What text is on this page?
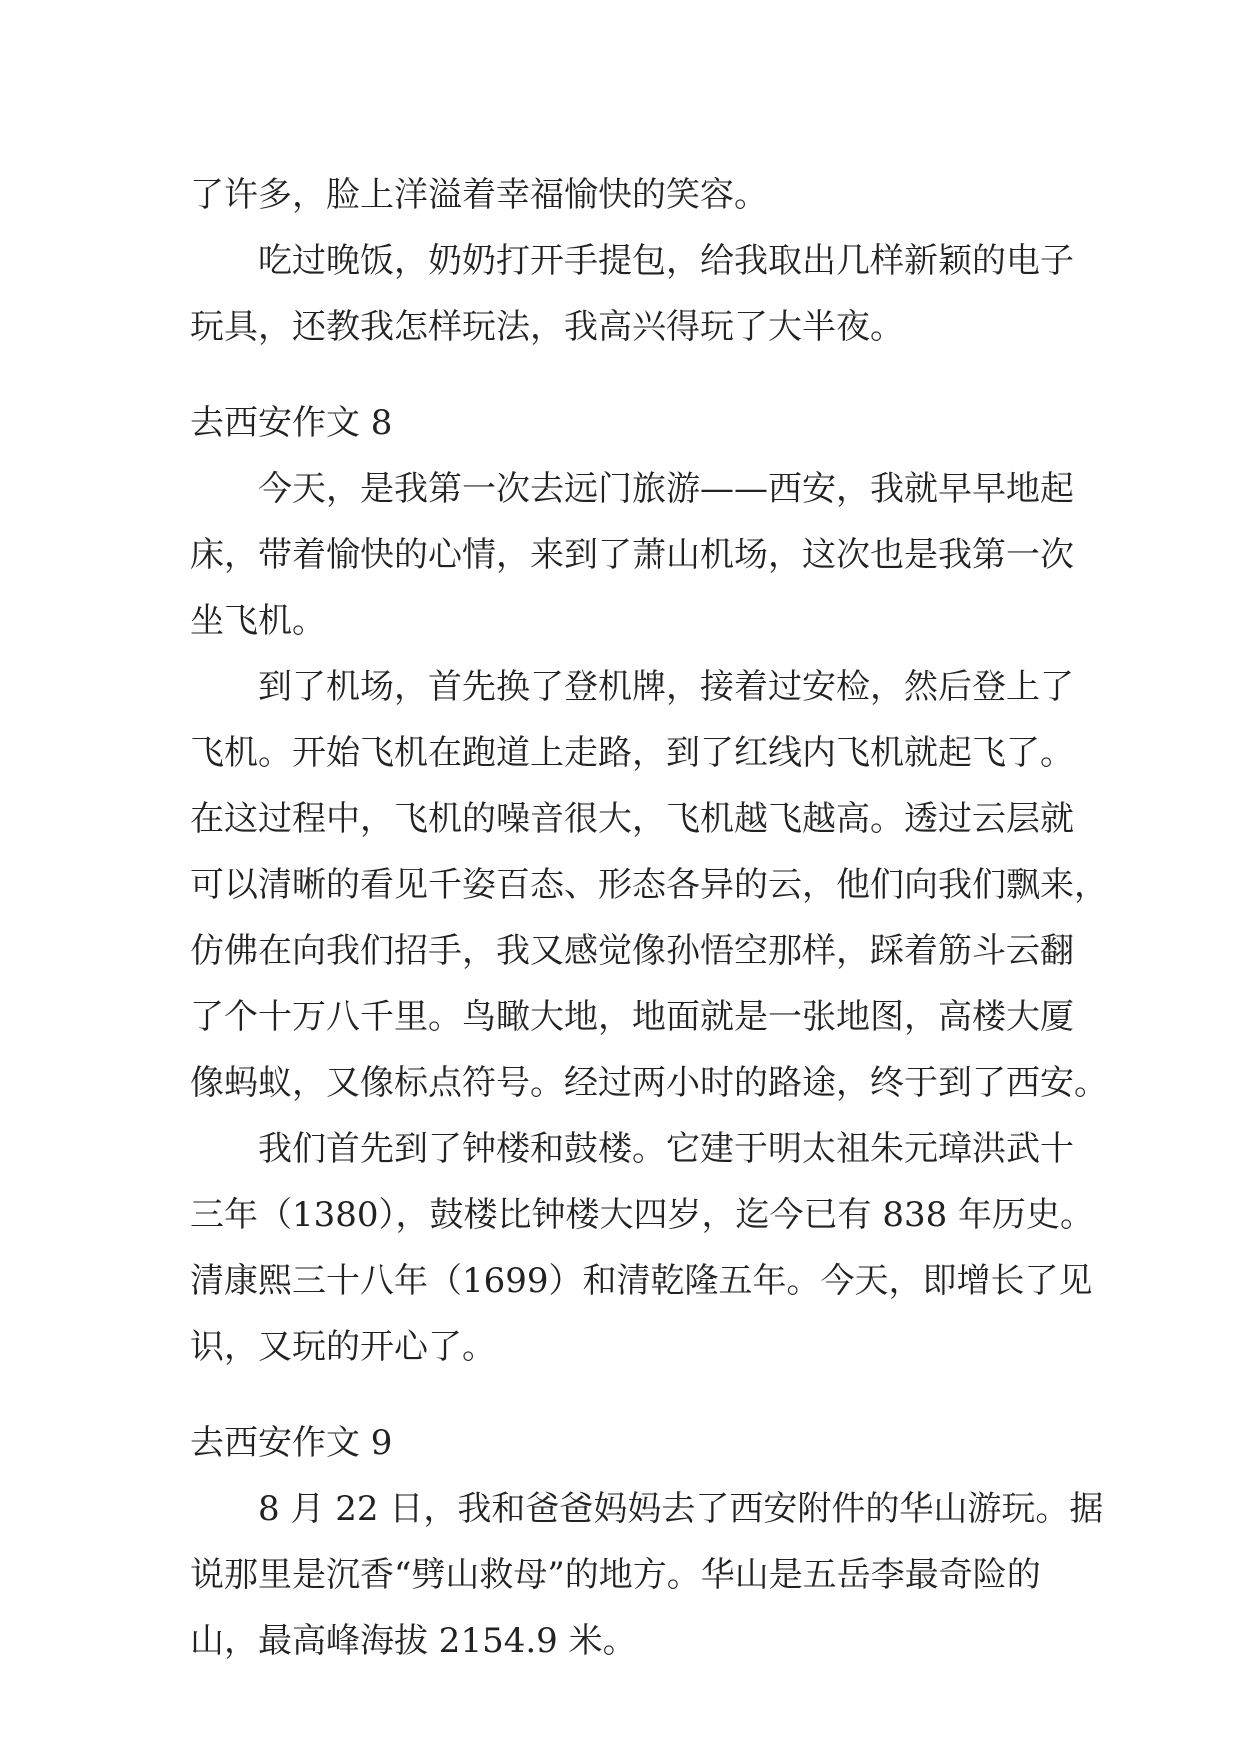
了许多，脸上洋溢着幸福愉快的笑容。
吃过晚饭，奶奶打开手提包，给我取出几样新颖的电子
玩具，还教我怎样玩法，我高兴得玩了大半夜。
去西安作文 8
今天，是我第一次去远门旅游——西安，我就早早地起
床，带着愉快的心情，来到了萧山机场，这次也是我第一次
坐飞机。
到了机场，首先换了登机牌，接着过安检，然后登上了
飞机。开始飞机在跑道上走路，到了红线内飞机就起飞了。
在这过程中，飞机的噪音很大，飞机越飞越高。透过云层就
可以清晰的看见千姿百态、形态各异的云，他们向我们飘来，
仿佛在向我们招手，我又感觉像孙悟空那样，踩着筋斗云翻
了个十万八千里。鸟瞰大地，地面就是一张地图，高楼大厦
像蚂蚁，又像标点符号。经过两小时的路途，终于到了西安。
我们首先到了钟楼和鼓楼。它建于明太祖朱元璋洪武十
三年（1380），鼓楼比钟楼大四岁，迄今已有 838 年历史。
清康熙三十八年（1699）和清乾隆五年。今天，即增长了见
识，又玩的开心了。
去西安作文 9
8 月 22 日，我和爸爸妈妈去了西安附件的华山游玩。据
说那里是沉香“劈山救母”的地方。华山是五岳李最奇险的
山，最高峰海拔 2154.9 米。
